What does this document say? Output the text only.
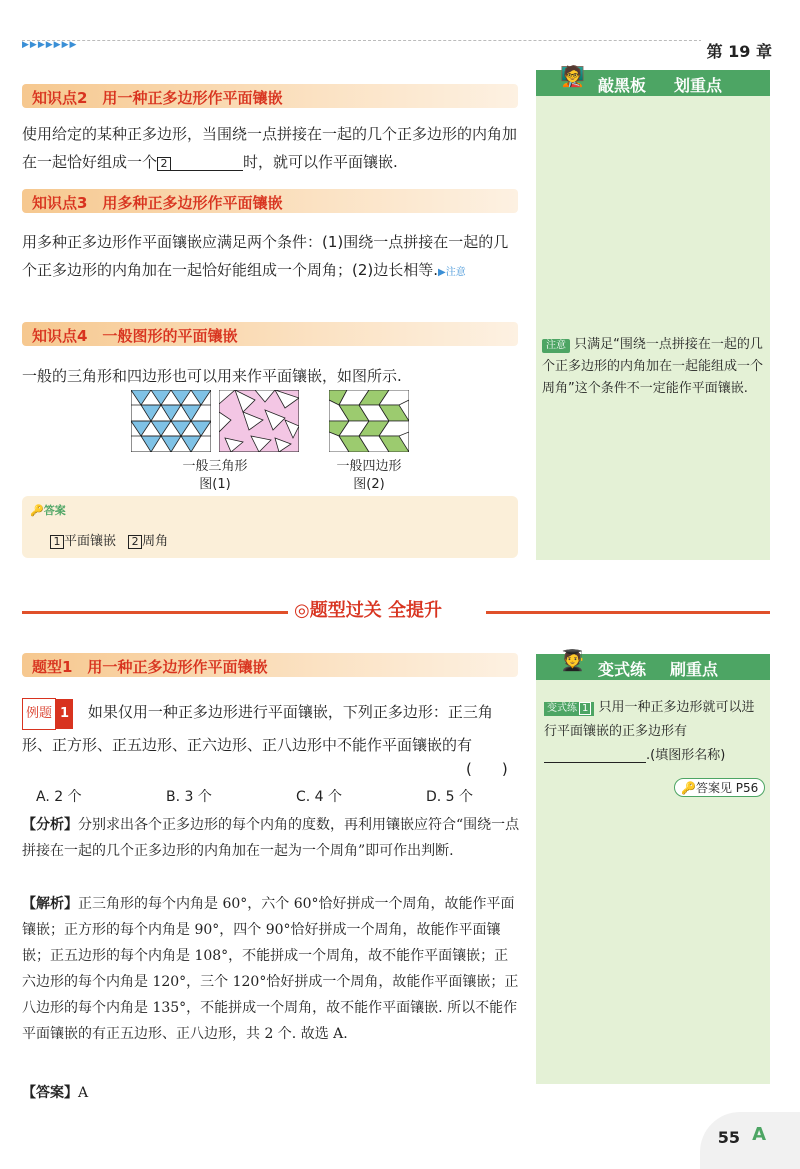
▶▶▶▶▶▶▶	第 19 章
🧑‍🏫 敲黑板 划重点
注意 只满足“围绕一点拼接在一起的几个正多边形的内角加在一起能组成一个周角”这个条件不一定能作平面镶嵌.
知识点2　用一种正多边形作平面镶嵌
使用给定的某种正多边形，当围绕一点拼接在一起的几个正多边形的内角加在一起恰好组成一个 2	时，就可以作平面镶嵌.
知识点3　用多种正多边形作平面镶嵌
用多种正多边形作平面镶嵌应满足两个条件：(1)围绕一点拼接在一起的几个正多边形的内角加在一起恰好能组成一个周角；(2)边长相等.▶注意
知识点4　一般图形的平面镶嵌
一般的三角形和四边形也可以用来作平面镶嵌，如图所示.
一般三角形
图(1)
一般四边形
图(2)
🔑答案
1 平面镶嵌 2 周角
◎题型过关 全提升
题型1　用一种正多边形作平面镶嵌	🧑‍🎓 变式练 刷重点
变式练 1 只用一种正多边形就可以进行平面镶嵌的正多边形有.(填图形名称)
🔑答案见 P56
例题 1 如果仅用一种正多边形进行平面镶嵌，下列正多边形：正三角形、正方形、正五边形、正六边形、正八边形中不能作平面镶嵌的有
(　　)
A. 2 个	B. 3 个	C. 4 个	D. 5 个
【分析】分别求出各个正多边形的每个内角的度数，再利用镶嵌应符合“围绕一点拼接在一起的几个正多边形的内角加在一起为一个周角”即可作出判断.
【解析】正三角形的每个内角是 60°，六个 60°恰好拼成一个周角，故能作平面镶嵌；正方形的每个内角是 90°，四个 90°恰好拼成一个周角，故能作平面镶嵌；正五边形的每个内角是 108°，不能拼成一个周角，故不能作平面镶嵌；正六边形的每个内角是 120°，三个 120°恰好拼成一个周角，故能作平面镶嵌；正八边形的每个内角是 135°，不能拼成一个周角，故不能作平面镶嵌. 所以不能作平面镶嵌的有正五边形、正八边形，共 2 个. 故选 A.
【答案】A
55 A
